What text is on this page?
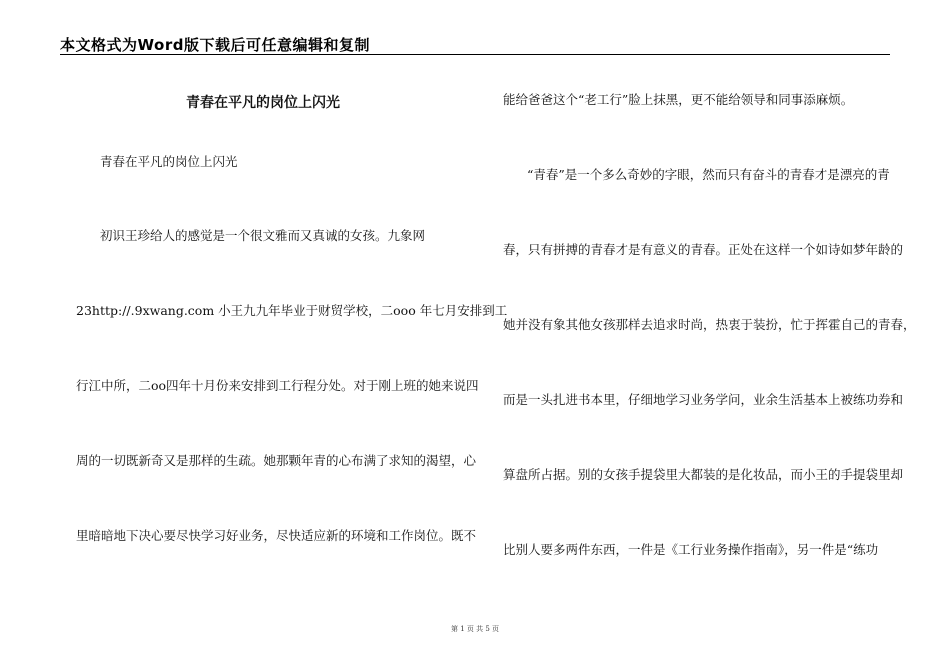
本文格式为Word版下载后可任意编辑和复制
青春在平凡的岗位上闪光
青春在平凡的岗位上闪光
初识王珍给人的感觉是一个很文雅而又真诚的女孩。九象网
23http://.9xwang.com 小王九九年毕业于财贸学校，二ooo 年七月安排到工
行江中所，二oo四年十月份来安排到工行程分处。对于刚上班的她来说四
周的一切既新奇又是那样的生疏。她那颗年青的心布满了求知的渴望，心
里暗暗地下决心要尽快学习好业务，尽快适应新的环境和工作岗位。既不
能给爸爸这个“老工行”脸上抹黑，更不能给领导和同事添麻烦。
“青春”是一个多么奇妙的字眼，然而只有奋斗的青春才是漂亮的青
春，只有拼搏的青春才是有意义的青春。正处在这样一个如诗如梦年龄的
她并没有象其他女孩那样去追求时尚，热衷于装扮，忙于挥霍自己的青春，
而是一头扎进书本里，仔细地学习业务学问，业余生活基本上被练功券和
算盘所占据。别的女孩手提袋里大都装的是化妆品，而小王的手提袋里却
比别人要多两件东西，一件是《工行业务操作指南》，另一件是“练功
第 1 页 共 5 页
